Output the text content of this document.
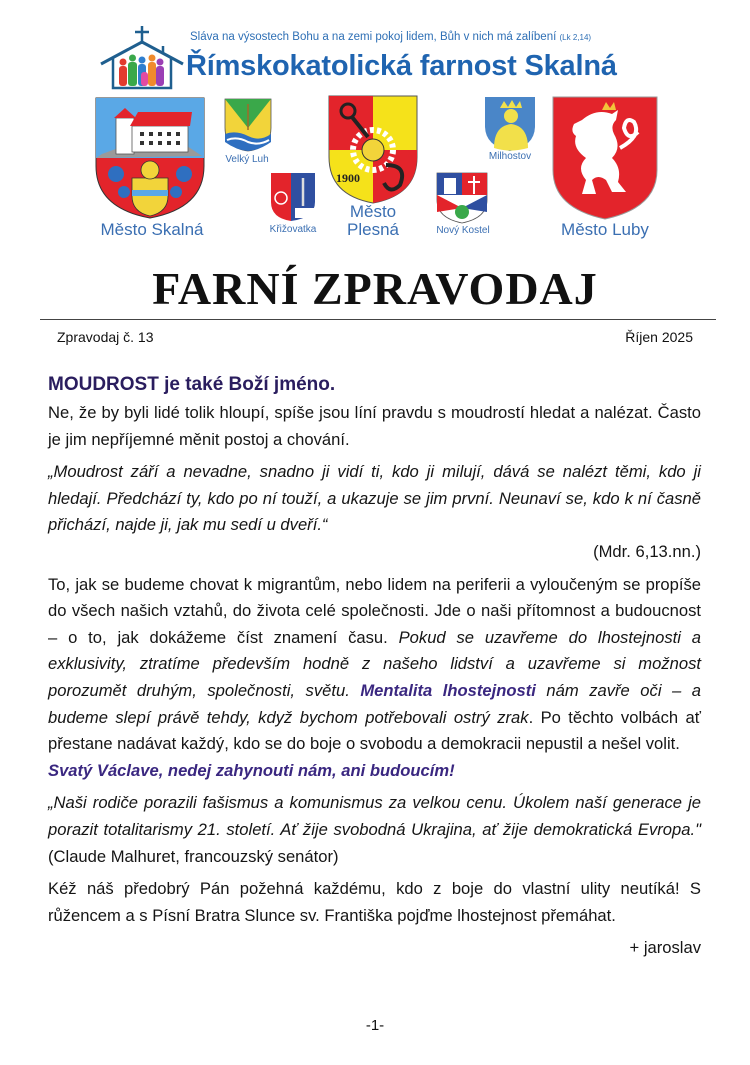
Sláva na výsostech Bohu a na zemi pokoj lidem, Bůh v nich má zalíbení (Lk 2,14)
Římskokatolická farnost Skalná
Město Skalná
Velký Luh
Křižovatka
1900
Město
Plesná	Nový Kostel
Milhostov
Město Luby
FARNÍ ZPRAVODAJ
Zpravodaj č. 13	Říjen 2025

MOUDROST je také Boží jméno.

Ne, že by byli lidé tolik hloupí, spíše jsou líní pravdu s moudrostí hledat a nalézat. Často je jim nepříjemné měnit postoj a chování.

„Moudrost září a nevadne, snadno ji vidí ti, kdo ji milují, dává se nalézt těmi, kdo ji hledají. Předchází ty, kdo po ní touží, a ukazuje se jim první. Neunaví se, kdo k ní časně přichází, najde ji, jak mu sedí u dveří.“

(Mdr. 6,13.nn.)

To, jak se budeme chovat k migrantům, nebo lidem na periferii a vyloučeným se propíše do všech našich vztahů, do života celé společnosti. Jde o naši přítomnost a budoucnost – o to, jak dokážeme číst znamení času. Pokud se uzavřeme do lhostejnosti a exklusivity, ztratíme především hodně z našeho lidství a uzavřeme si možnost porozumět druhým, společnosti, světu. Mentalita lhostejnosti nám zavře oči – a budeme slepí právě tehdy, když bychom potřebovali ostrý zrak. Po těchto volbách ať přestane nadávat každý, kdo se do boje o svobodu a demokracii nepustil a nešel volit.
Svatý Václave, nedej zahynouti nám, ani budoucím!

„Naši rodiče porazili fašismus a komunismus za velkou cenu. Úkolem naší generace je porazit totalitarismy 21. století. Ať žije svobodná Ukrajina, ať žije demokratická Evropa."(Claude Malhuret, francouzský senátor)

Kéž náš předobrý Pán požehná každému, kdo z boje do vlastní ulity neutíká! S růžencem a s Písní Bratra Slunce sv. Františka pojďme lhostejnost přemáhat.

+ jaroslav

-1-
